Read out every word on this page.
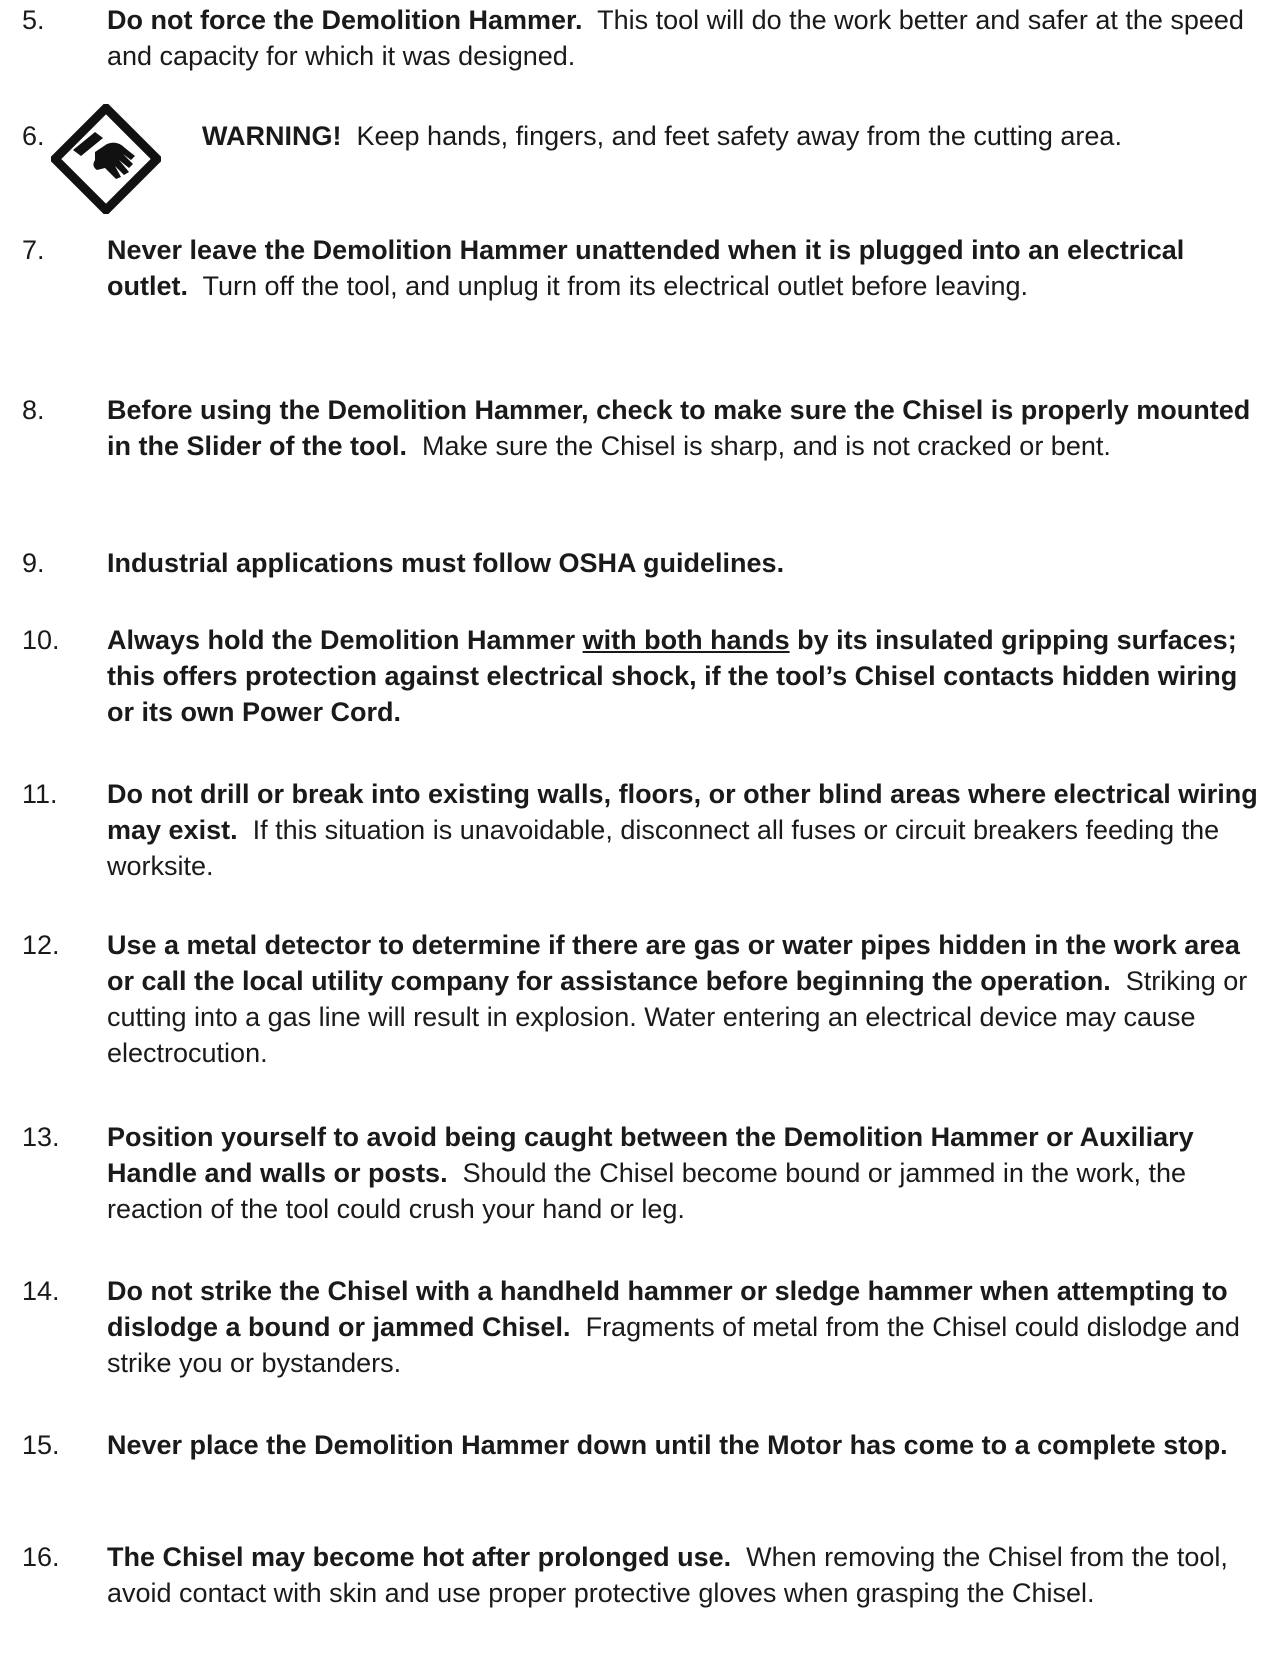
5. Do not force the Demolition Hammer. This tool will do the work better and safer at the speed and capacity for which it was designed.
6.	WARNING! Keep hands, fingers, and feet safety away from the cutting area.
7. Never leave the Demolition Hammer unattended when it is plugged into an electrical outlet. Turn off the tool, and unplug it from its electrical outlet before leaving.
8. Before using the Demolition Hammer, check to make sure the Chisel is properly mounted in the Slider of the tool. Make sure the Chisel is sharp, and is not cracked or bent.
9. Industrial applications must follow OSHA guidelines.
10. Always hold the Demolition Hammer with both hands by its insulated gripping surfaces; this offers protection against electrical shock, if the tool’s Chisel contacts hidden wiring or its own Power Cord.
11. Do not drill or break into existing walls, floors, or other blind areas where electrical wiring may exist. If this situation is unavoidable, disconnect all fuses or circuit breakers feeding the worksite.
12. Use a metal detector to determine if there are gas or water pipes hidden in the work area or call the local utility company for assistance before beginning the operation. Striking or cutting into a gas line will result in explosion. Water entering an electrical device may cause electrocution.
13. Position yourself to avoid being caught between the Demolition Hammer or Auxiliary Handle and walls or posts. Should the Chisel become bound or jammed in the work, the reaction of the tool could crush your hand or leg.
14. Do not strike the Chisel with a handheld hammer or sledge hammer when attempting to dislodge a bound or jammed Chisel. Fragments of metal from the Chisel could dislodge and strike you or bystanders.
15. Never place the Demolition Hammer down until the Motor has come to a complete stop.
16. The Chisel may become hot after prolonged use. When removing the Chisel from the tool, avoid contact with skin and use proper protective gloves when grasping the Chisel.
